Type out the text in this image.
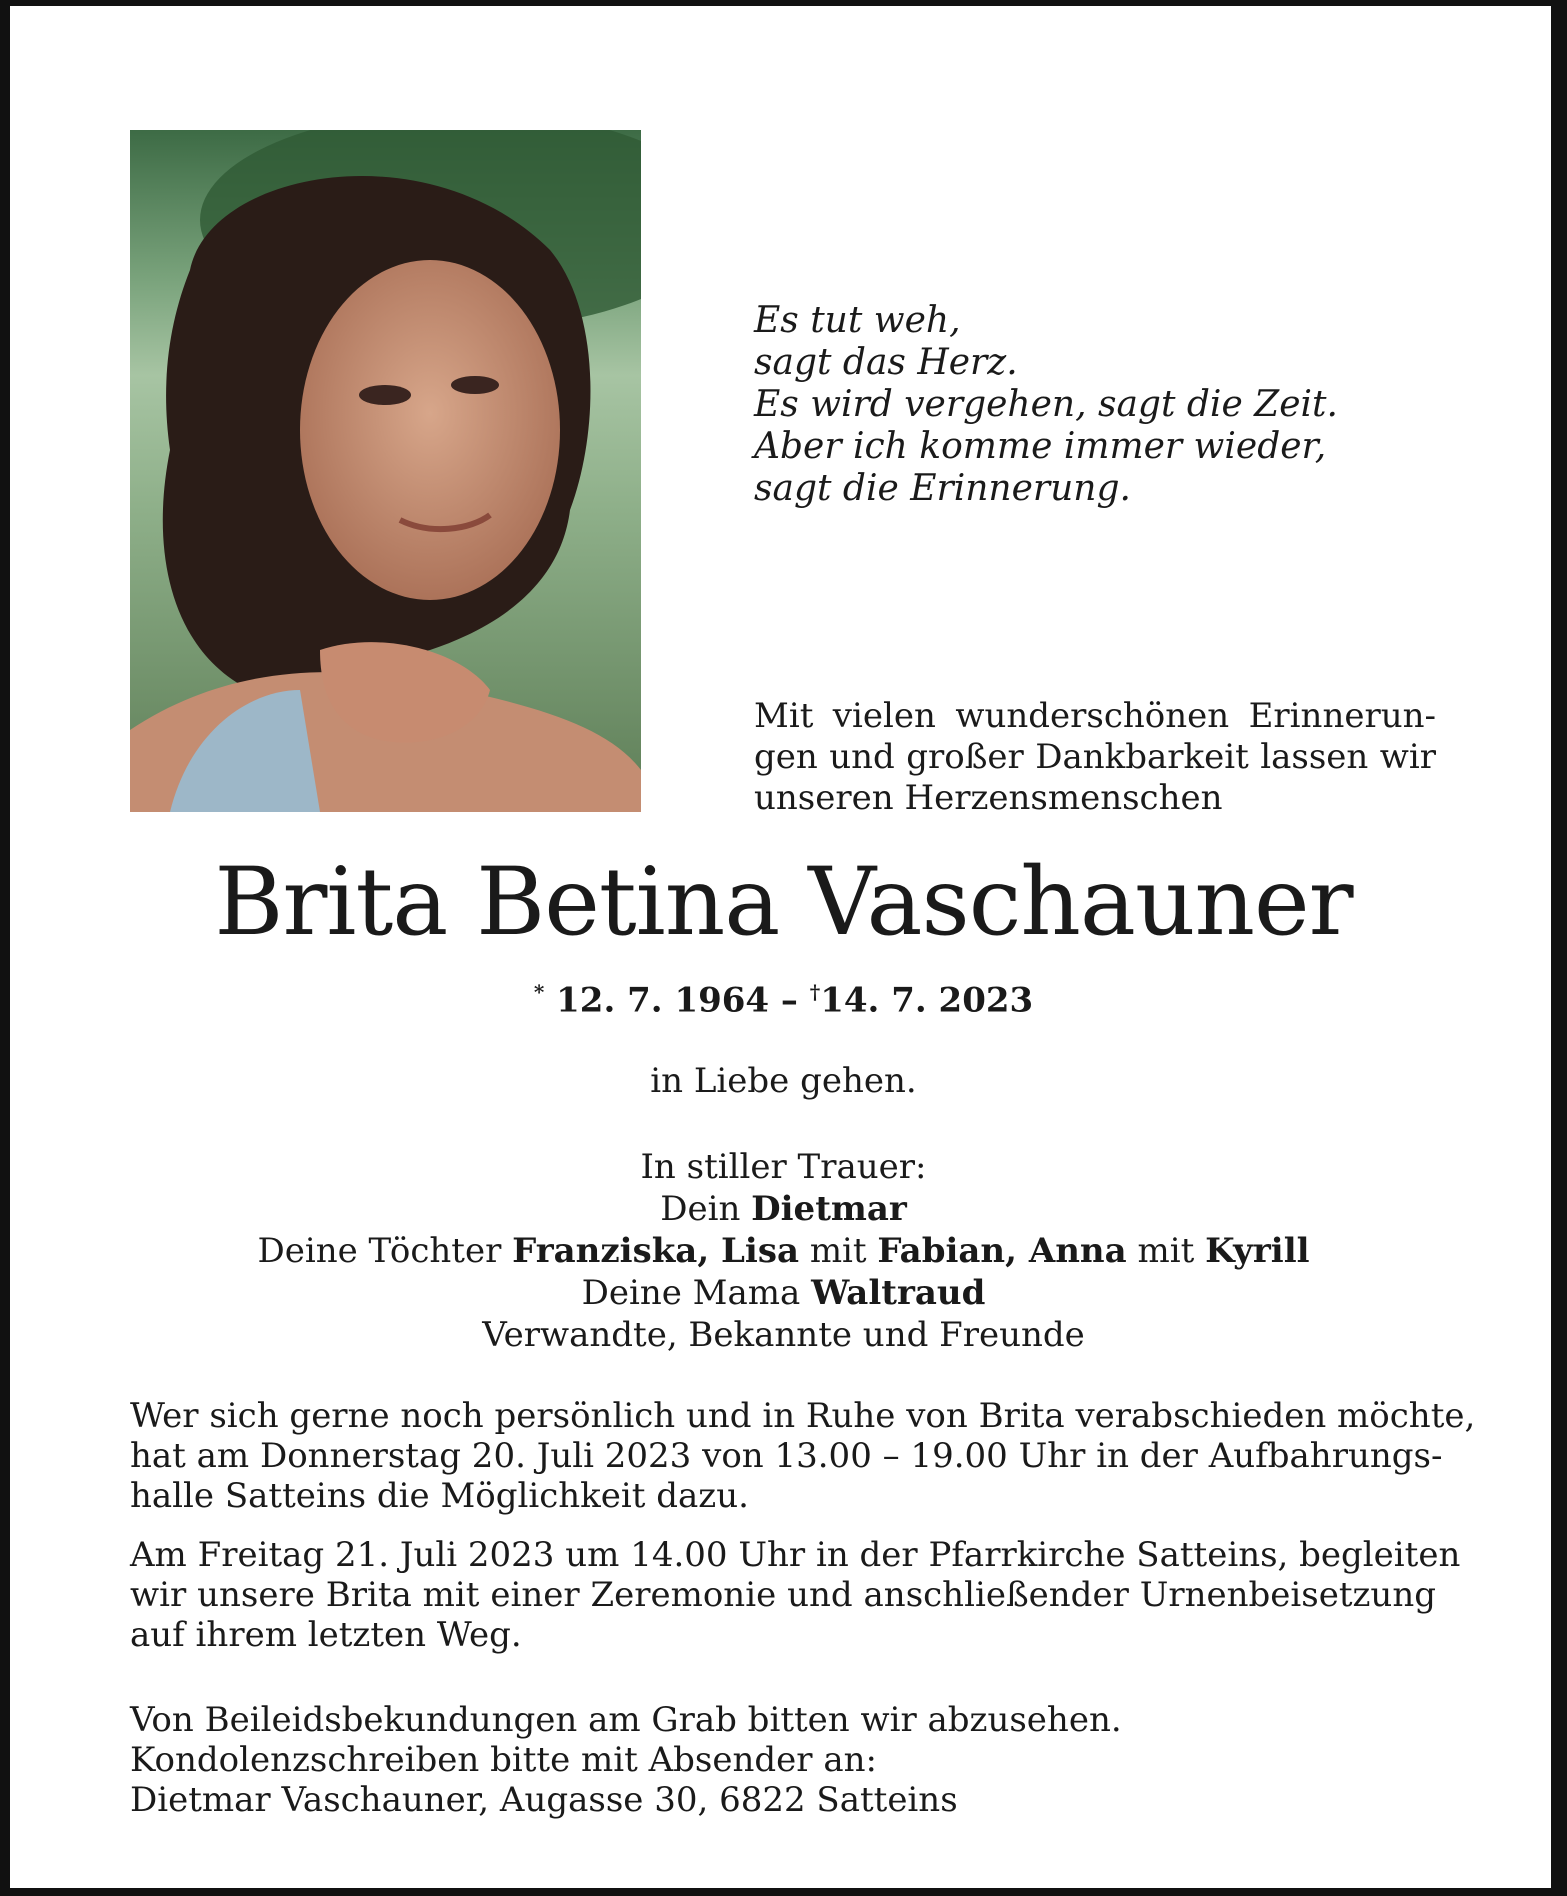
Es tut weh,
sagt das Herz.
Es wird vergehen, sagt die Zeit.
Aber ich komme immer wieder,
sagt die Erinnerung.
Mit vielen wunderschönen Erinnerun-
gen und großer Dankbarkeit lassen wir
unseren Herzensmenschen
Brita Betina Vaschauner
* 12. 7. 1964 – †14. 7. 2023
in Liebe gehen.
In stiller Trauer:
Dein Dietmar
Deine Töchter Franziska, Lisa mit Fabian, Anna mit Kyrill
Deine Mama Waltraud
Verwandte, Bekannte und Freunde
Wer sich gerne noch persönlich und in Ruhe von Brita verabschieden möchte,
hat am Donnerstag 20. Juli 2023 von 13.00 – 19.00 Uhr in der Aufbahrungs-
halle Satteins die Möglichkeit dazu.
Am Freitag 21. Juli 2023 um 14.00 Uhr in der Pfarrkirche Satteins, begleiten
wir unsere Brita mit einer Zeremonie und anschließender Urnenbeisetzung
auf ihrem letzten Weg.
Von Beileidsbekundungen am Grab bitten wir abzusehen.
Kondolenzschreiben bitte mit Absender an:
Dietmar Vaschauner, Augasse 30, 6822 Satteins
